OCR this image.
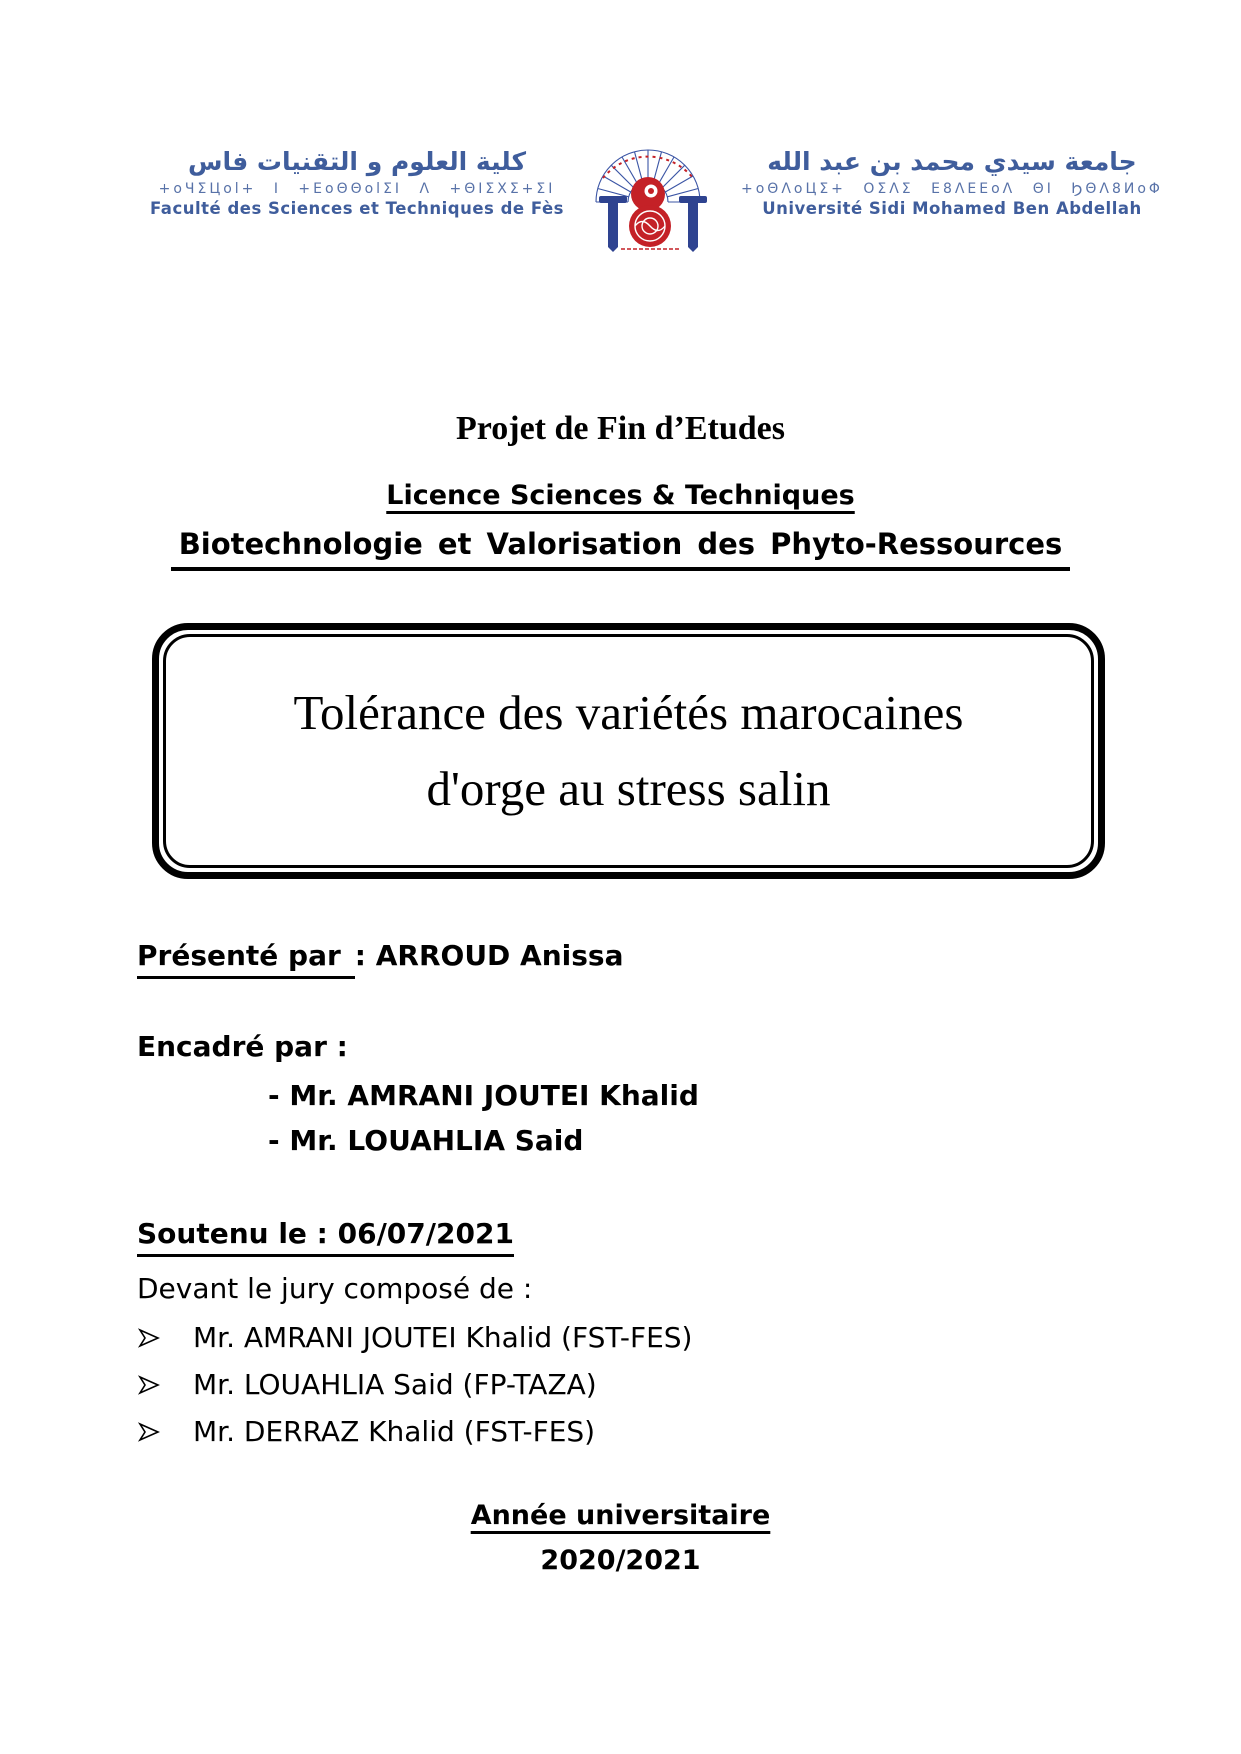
كلية العلوم و التقنيات فاس
+oЧΣЦol+ Ι +ΕoΘΘolΣΙ Λ +ΘΙΣΧΣ+ΣΙ
Faculté des Sciences et Techniques de Fès
جامعة سيدي محمد بن عبد الله
+oΘΛoЦΣ+ ΟΣΛΣ Ε8ΛΕΕoΛ ΘΙ ϦΘΛ8ИoΦ
Université Sidi Mohamed Ben Abdellah
Projet de Fin d’Etudes
Licence Sciences & Techniques
Biotechnologie et Valorisation des Phyto-Ressources
Tolérance des variétés marocaines
d'orge au stress salin
Présenté par : ARROUD Anissa
Encadré par :
- Mr. AMRANI JOUTEI Khalid
- Mr. LOUAHLIA Said
Soutenu le : 06/07/2021
Devant le jury composé de :
Mr. AMRANI JOUTEI Khalid (FST-FES)
Mr. LOUAHLIA Said (FP-TAZA)
Mr. DERRAZ Khalid (FST-FES)
Année universitaire
2020/2021
